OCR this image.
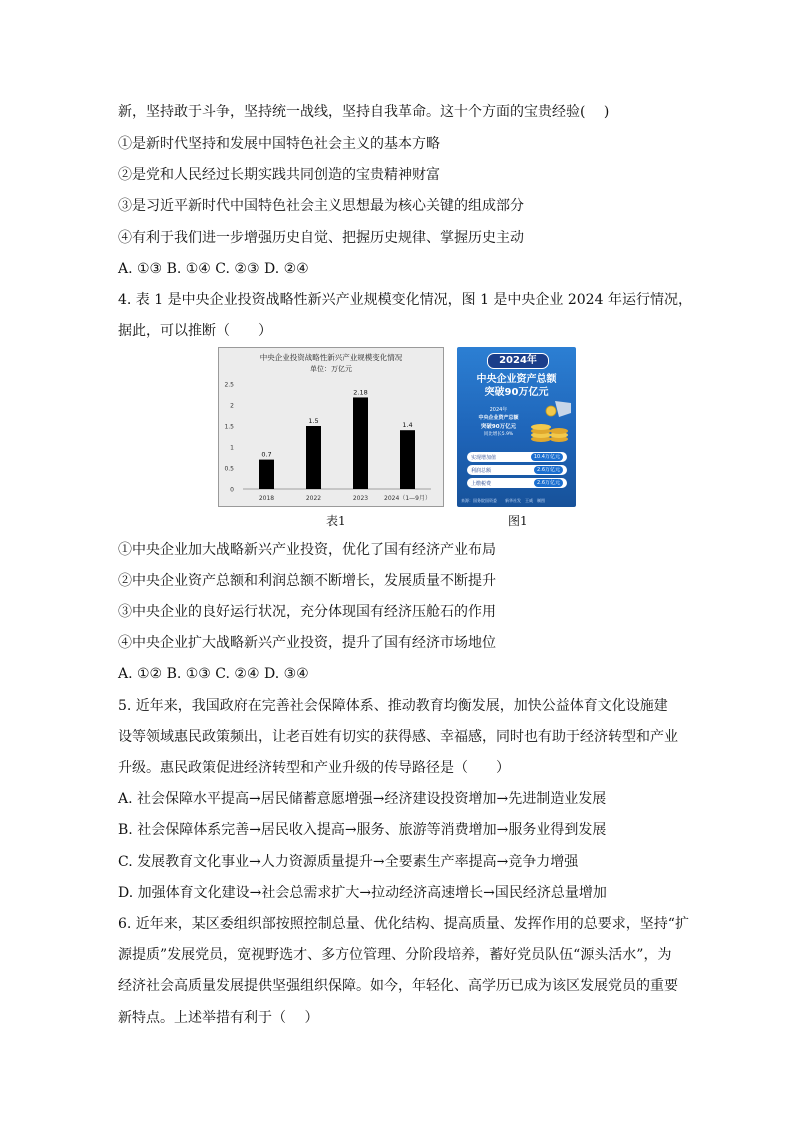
新，坚持敢于斗争，坚持统一战线，坚持自我革命。这十个方面的宝贵经验(　 )
①是新时代坚持和发展中国特色社会主义的基本方略
②是党和人民经过长期实践共同创造的宝贵精神财富
③是习近平新时代中国特色社会主义思想最为核心关键的组成部分
④有利于我们进一步增强历史自觉、把握历史规律、掌握历史主动
A. ①③ B. ①④ C. ②③ D. ②④
4. 表 1 是中央企业投资战略性新兴产业规模变化情况，图 1 是中央企业 2024 年运行情况，
据此，可以推断（　　）
中央企业投资战略性新兴产业规模变化情况
单位：万亿元
0
0.5
1
1.5
2
2.5
0.7
1.5
2.18
1.4
2018	2022	2023	2024（1—9月）
表1
2024年
中央企业资产总额
突破90万亿元
2024年
中央企业资产总额
突破90万亿元
同比增长5.9%
实现增加值	10.4万亿元
利润总额	2.6万亿元
上缴税费	2.6万亿元
来源：国务院国资委　　新华社发　王威　制图
图1
①中央企业加大战略新兴产业投资，优化了国有经济产业布局
②中央企业资产总额和利润总额不断增长，发展质量不断提升
③中央企业的良好运行状况，充分体现国有经济压舱石的作用
④中央企业扩大战略新兴产业投资，提升了国有经济市场地位
A. ①② B. ①③ C. ②④ D. ③④
5. 近年来，我国政府在完善社会保障体系、推动教育均衡发展，加快公益体育文化设施建
设等领域惠民政策频出，让老百姓有切实的获得感、幸福感，同时也有助于经济转型和产业
升级。惠民政策促进经济转型和产业升级的传导路径是（　　）
A. 社会保障水平提高→居民储蓄意愿增强→经济建设投资增加→先进制造业发展
B. 社会保障体系完善→居民收入提高→服务、旅游等消费增加→服务业得到发展
C. 发展教育文化事业→人力资源质量提升→全要素生产率提高→竞争力增强
D. 加强体育文化建设→社会总需求扩大→拉动经济高速增长→国民经济总量增加
6. 近年来，某区委组织部按照控制总量、优化结构、提高质量、发挥作用的总要求，坚持“扩
源提质”发展党员，宽视野选才、多方位管理、分阶段培养，蓄好党员队伍“源头活水”，为
经济社会高质量发展提供坚强组织保障。如今，年轻化、高学历已成为该区发展党员的重要
新特点。上述举措有利于（　 ）
